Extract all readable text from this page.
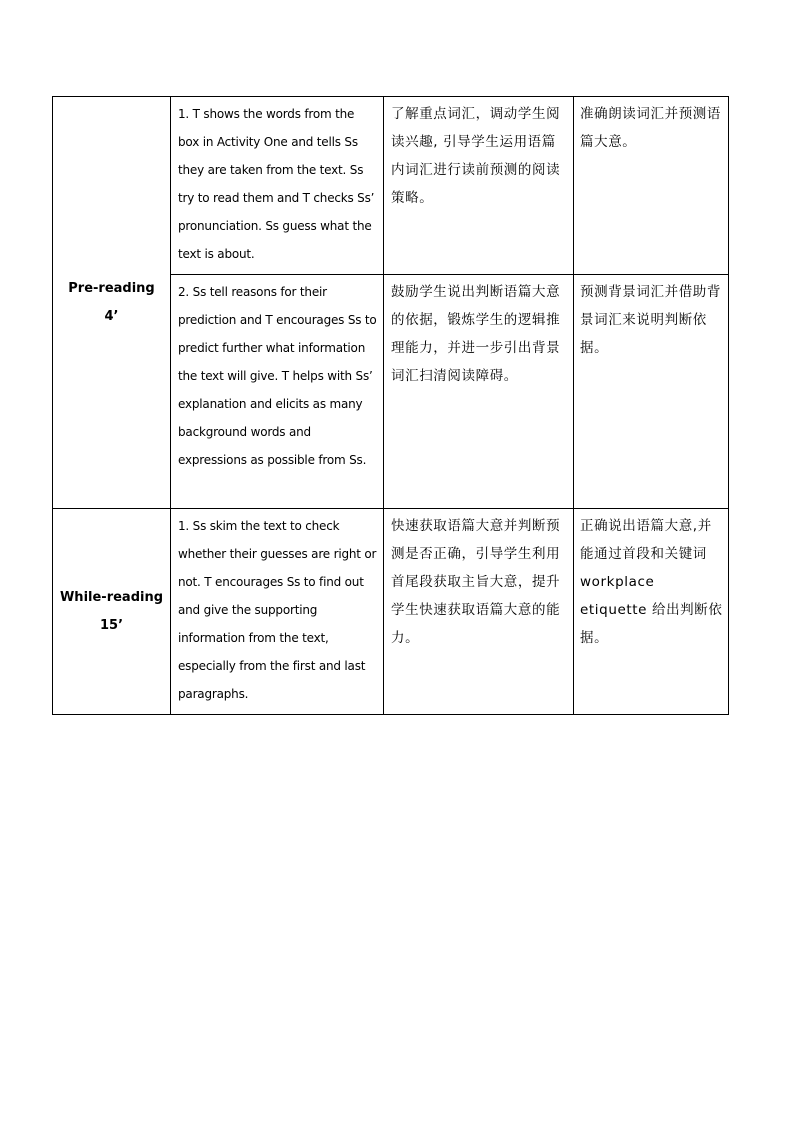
Pre-reading
4’	1. T shows the words from the box in Activity One and tells Ss they are taken from the text. Ss try to read them and T checks Ss’ pronunciation. Ss guess what the text is about.	了解重点词汇，调动学生阅读兴趣, 引导学生运用语篇内词汇进行读前预测的阅读策略。	准确朗读词汇并预测语篇大意。
	2. Ss tell reasons for their prediction and T encourages Ss to predict further what information the text will give. T helps with Ss’ explanation and elicits as many background words and expressions as possible from Ss.	鼓励学生说出判断语篇大意的依据，锻炼学生的逻辑推理能力，并进一步引出背景词汇扫清阅读障碍。	预测背景词汇并借助背景词汇来说明判断依据。

While-reading
15’	1. Ss skim the text to check whether their guesses are right or not. T encourages Ss to find out and give the supporting information from the text, especially from the first and last paragraphs.	快速获取语篇大意并判断预测是否正确，引导学生利用首尾段获取主旨大意，提升学生快速获取语篇大意的能力。	正确说出语篇大意,并能通过首段和关键词 workplace etiquette 给出判断依据。
